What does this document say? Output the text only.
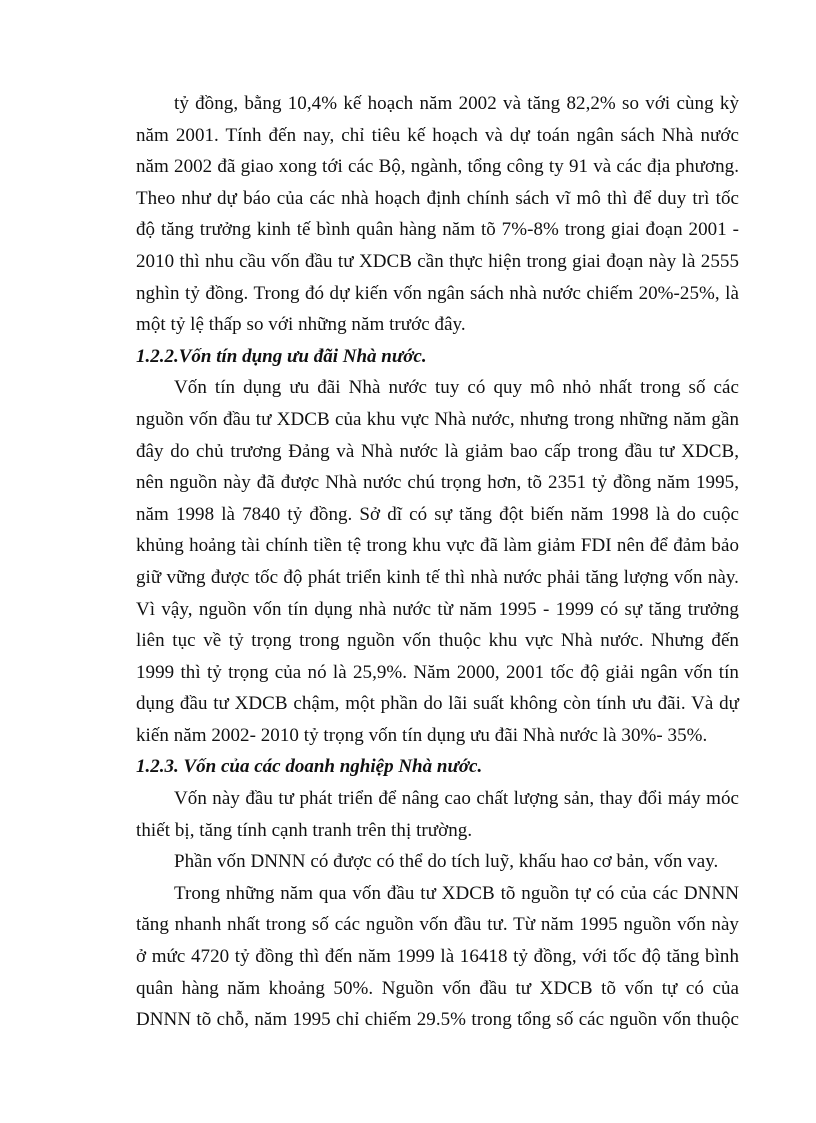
tỷ đồng, bằng 10,4% kế hoạch năm 2002 và tăng 82,2% so với cùng kỳ
năm 2001. Tính đến nay, chỉ tiêu kế hoạch và dự toán ngân sách Nhà nước
năm 2002 đã giao xong tới các Bộ, ngành, tổng công ty 91 và các địa phương.
Theo như dự báo của các nhà hoạch định chính sách vĩ mô thì để duy trì tốc
độ tăng trưởng kinh tế bình quân hàng năm tõ 7%-8% trong giai đoạn 2001 -
2010 thì nhu cầu vốn đầu tư XDCB cần thực hiện trong giai đoạn này là 2555
nghìn tỷ đồng. Trong đó dự kiến vốn ngân sách nhà nước chiếm 20%-25%, là
một tỷ lệ thấp so với những năm trước đây.
1.2.2.Vốn tín dụng ưu đãi Nhà nước.
Vốn tín dụng ưu đãi Nhà nước tuy có quy mô nhỏ nhất trong số các
nguồn vốn đầu tư XDCB của khu vực Nhà nước, nhưng trong những năm gần
đây do chủ trương Đảng và Nhà nước là giảm bao cấp trong đầu tư XDCB,
nên nguồn này đã được Nhà nước chú trọng hơn, tõ 2351 tỷ đồng năm 1995,
năm 1998 là 7840 tỷ đồng. Sở dĩ có sự tăng đột biến năm 1998 là do cuộc
khủng hoảng tài chính tiền tệ trong khu vực đã làm giảm FDI nên để đảm bảo
giữ vững được tốc độ phát triển kinh tế thì nhà nước phải tăng lượng vốn này.
Vì vậy, nguồn vốn tín dụng nhà nước từ năm 1995 - 1999 có sự tăng trưởng
liên tục về tỷ trọng trong nguồn vốn thuộc khu vực Nhà nước. Nhưng đến
1999 thì tỷ trọng của nó là 25,9%. Năm 2000, 2001 tốc độ giải ngân vốn tín
dụng đầu tư XDCB chậm, một phần do lãi suất không còn tính ưu đãi. Và dự
kiến năm 2002- 2010 tỷ trọng vốn tín dụng ưu đãi Nhà nước là 30%- 35%.
1.2.3. Vốn của các doanh nghiệp Nhà nước.
Vốn này đầu tư phát triển để nâng cao chất lượng sản, thay đổi máy móc
thiết bị, tăng tính cạnh tranh trên thị trường.
Phần vốn DNNN có được có thể do tích luỹ, khấu hao cơ bản, vốn vay.
Trong những năm qua vốn đầu tư XDCB tõ nguồn tự có của các DNNN
tăng nhanh nhất trong số các nguồn vốn đầu tư. Từ năm 1995 nguồn vốn này
ở mức 4720 tỷ đồng thì đến năm 1999 là 16418 tỷ đồng, với tốc độ tăng bình
quân hàng năm khoảng 50%. Nguồn vốn đầu tư XDCB tõ vốn tự có của
DNNN tõ chỗ, năm 1995 chỉ chiếm 29.5% trong tổng số các nguồn vốn thuộc
